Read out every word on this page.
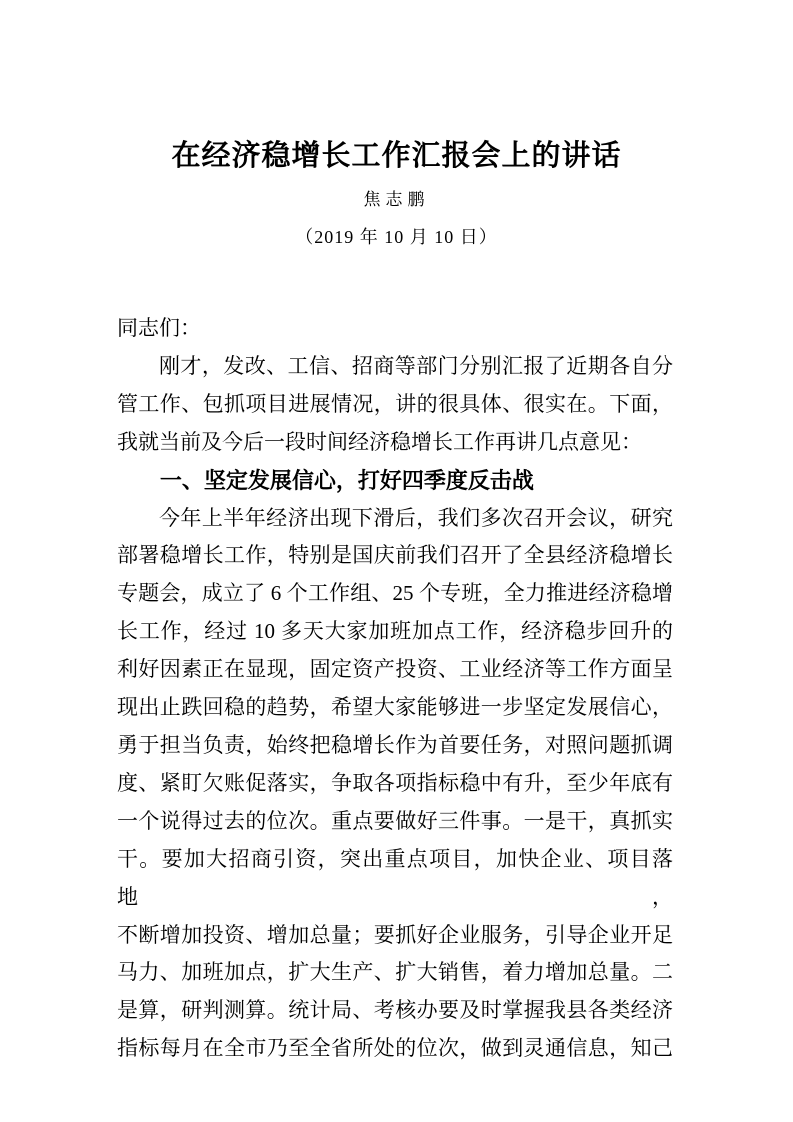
在经济稳增长工作汇报会上的讲话
焦志鹏
（2019 年 10 月 10 日）
同志们：
刚才，发改、工信、招商等部门分别汇报了近期各自分
管工作、包抓项目进展情况，讲的很具体、很实在。下面，
我就当前及今后一段时间经济稳增长工作再讲几点意见：
一、坚定发展信心，打好四季度反击战
今年上半年经济出现下滑后，我们多次召开会议，研究
部署稳增长工作，特别是国庆前我们召开了全县经济稳增长
专题会，成立了 6 个工作组、25 个专班，全力推进经济稳增
长工作，经过 10 多天大家加班加点工作，经济稳步回升的
利好因素正在显现，固定资产投资、工业经济等工作方面呈
现出止跌回稳的趋势，希望大家能够进一步坚定发展信心，
勇于担当负责，始终把稳增长作为首要任务，对照问题抓调
度、紧盯欠账促落实，争取各项指标稳中有升，至少年底有
一个说得过去的位次。重点要做好三件事。一是干，真抓实
干。要加大招商引资，突出重点项目，加快企业、项目落地，
不断增加投资、增加总量；要抓好企业服务，引导企业开足
马力、加班加点，扩大生产、扩大销售，着力增加总量。二
是算，研判测算。统计局、考核办要及时掌握我县各类经济
指标每月在全市乃至全省所处的位次，做到灵通信息，知己
